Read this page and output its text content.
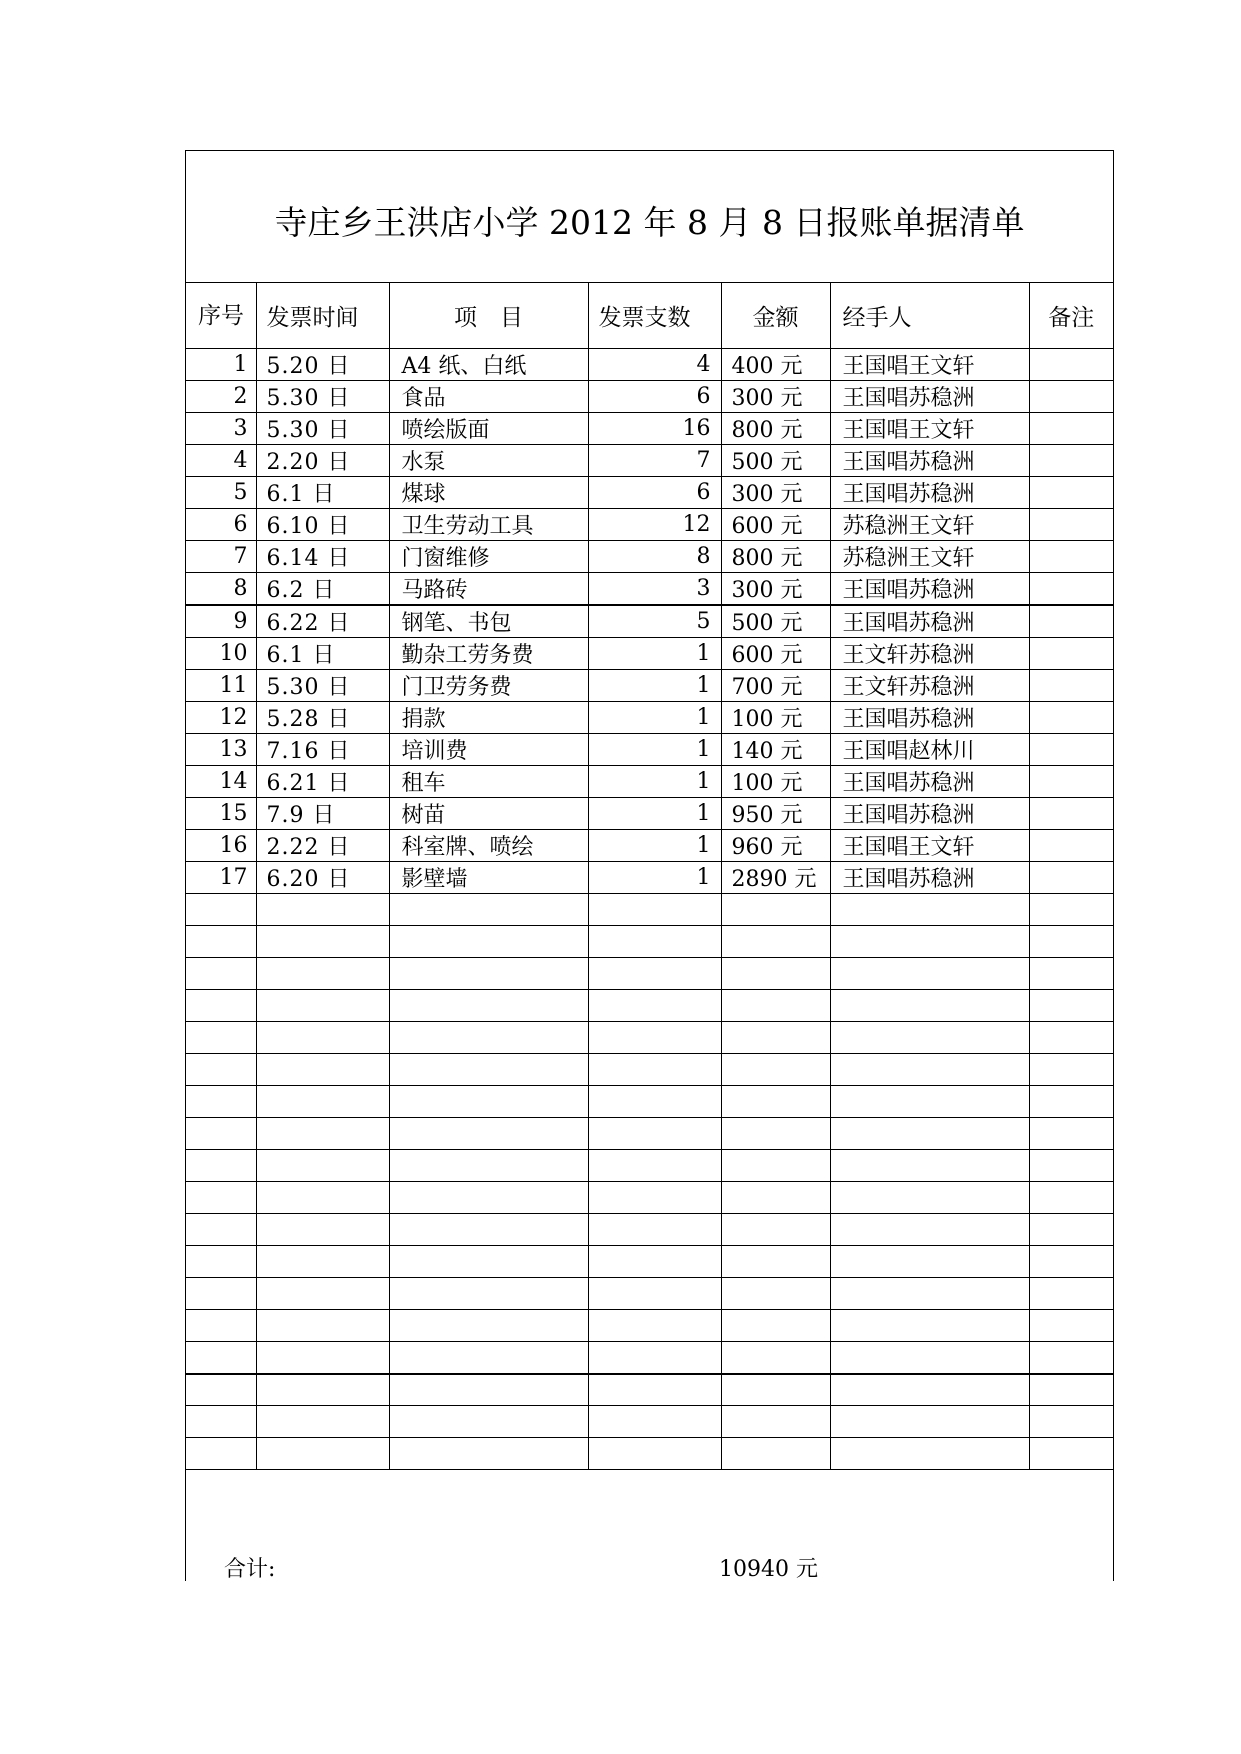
寺庄乡王洪店小学 2012 年 8 月 8 日报账单据清单
序号	发票时间	项　目	发票支数	金额	经手人	备注
1	5.20 日	A4 纸、白纸	4	400 元	王国唱王文轩	
2	5.30 日	食品	6	300 元	王国唱苏稳洲	
3	5.30 日	喷绘版面	16	800 元	王国唱王文轩	
4	2.20 日	水泵	7	500 元	王国唱苏稳洲	
5	6.1 日	煤球	6	300 元	王国唱苏稳洲	
6	6.10 日	卫生劳动工具	12	600 元	苏稳洲王文轩	
7	6.14 日	门窗维修	8	800 元	苏稳洲王文轩	
8	6.2 日	马路砖	3	300 元	王国唱苏稳洲	
9	6.22 日	钢笔、书包	5	500 元	王国唱苏稳洲	
10	6.1 日	勤杂工劳务费	1	600 元	王文轩苏稳洲	
11	5.30 日	门卫劳务费	1	700 元	王文轩苏稳洲	
12	5.28 日	捐款	1	100 元	王国唱苏稳洲	
13	7.16 日	培训费	1	140 元	王国唱赵林川	
14	6.21 日	租车	1	100 元	王国唱苏稳洲	
15	7.9 日	树苗	1	950 元	王国唱苏稳洲	
16	2.22 日	科室牌、喷绘	1	960 元	王国唱王文轩	
17	6.20 日	影壁墙	1	2890 元	王国唱苏稳洲	

合计:	10940 元
